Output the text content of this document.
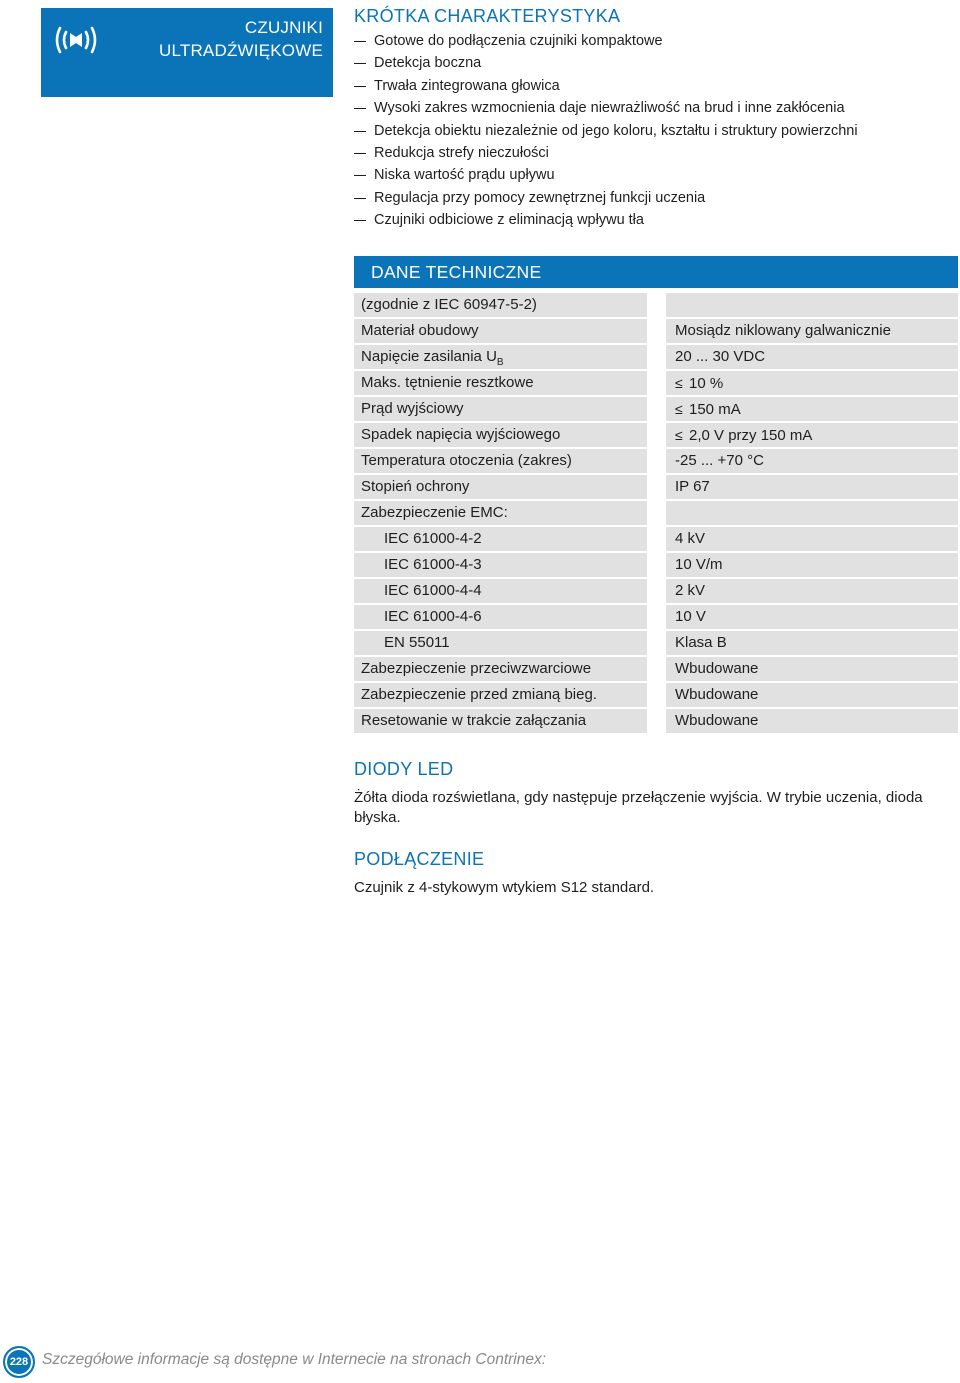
CZUJNIKI
ULTRADŹWIĘKOWE
KRÓTKA CHARAKTERYSTYKA
Gotowe do podłączenia czujniki kompaktowe
Detekcja boczna
Trwała zintegrowana głowica
Wysoki zakres wzmocnienia daje niewrażliwość na brud i inne zakłócenia
Detekcja obiektu niezależnie od jego koloru, kształtu i struktury powierzchni
Redukcja strefy nieczułości
Niska wartość prądu upływu
Regulacja przy pomocy zewnętrznej funkcji uczenia
Czujniki odbiciowe z eliminacją wpływu tła
DANE TECHNICZNE
(zgodnie z IEC 60947-5-2)
Materiał obudowy	Mosiądz niklowany galwanicznie
Napięcie zasilania $U_B$	20 ... 30 VDC
Maks. tętnienie resztkowe	≤ 10 %
Prąd wyjściowy	≤ 150 mA
Spadek napięcia wyjściowego	≤ 2,0 V przy 150 mA
Temperatura otoczenia (zakres)	-25 ... +70 °C
Stopień ochrony	IP 67
Zabezpieczenie EMC:
IEC 61000-4-2	4 kV
IEC 61000-4-3	10 V/m
IEC 61000-4-4	2 kV
IEC 61000-4-6	10 V
EN 55011	Klasa B
Zabezpieczenie przeciwzwarciowe	Wbudowane
Zabezpieczenie przed zmianą bieg.	Wbudowane
Resetowanie w trakcie załączania	Wbudowane
DIODY LED
Żółta dioda rozświetlana, gdy następuje przełączenie wyjścia. W trybie uczenia, dioda błyska.
PODŁĄCZENIE
Czujnik z 4-stykowym wtykiem S12 standard.
228 Szczegółowe informacje są dostępne w Internecie na stronach Contrinex:
